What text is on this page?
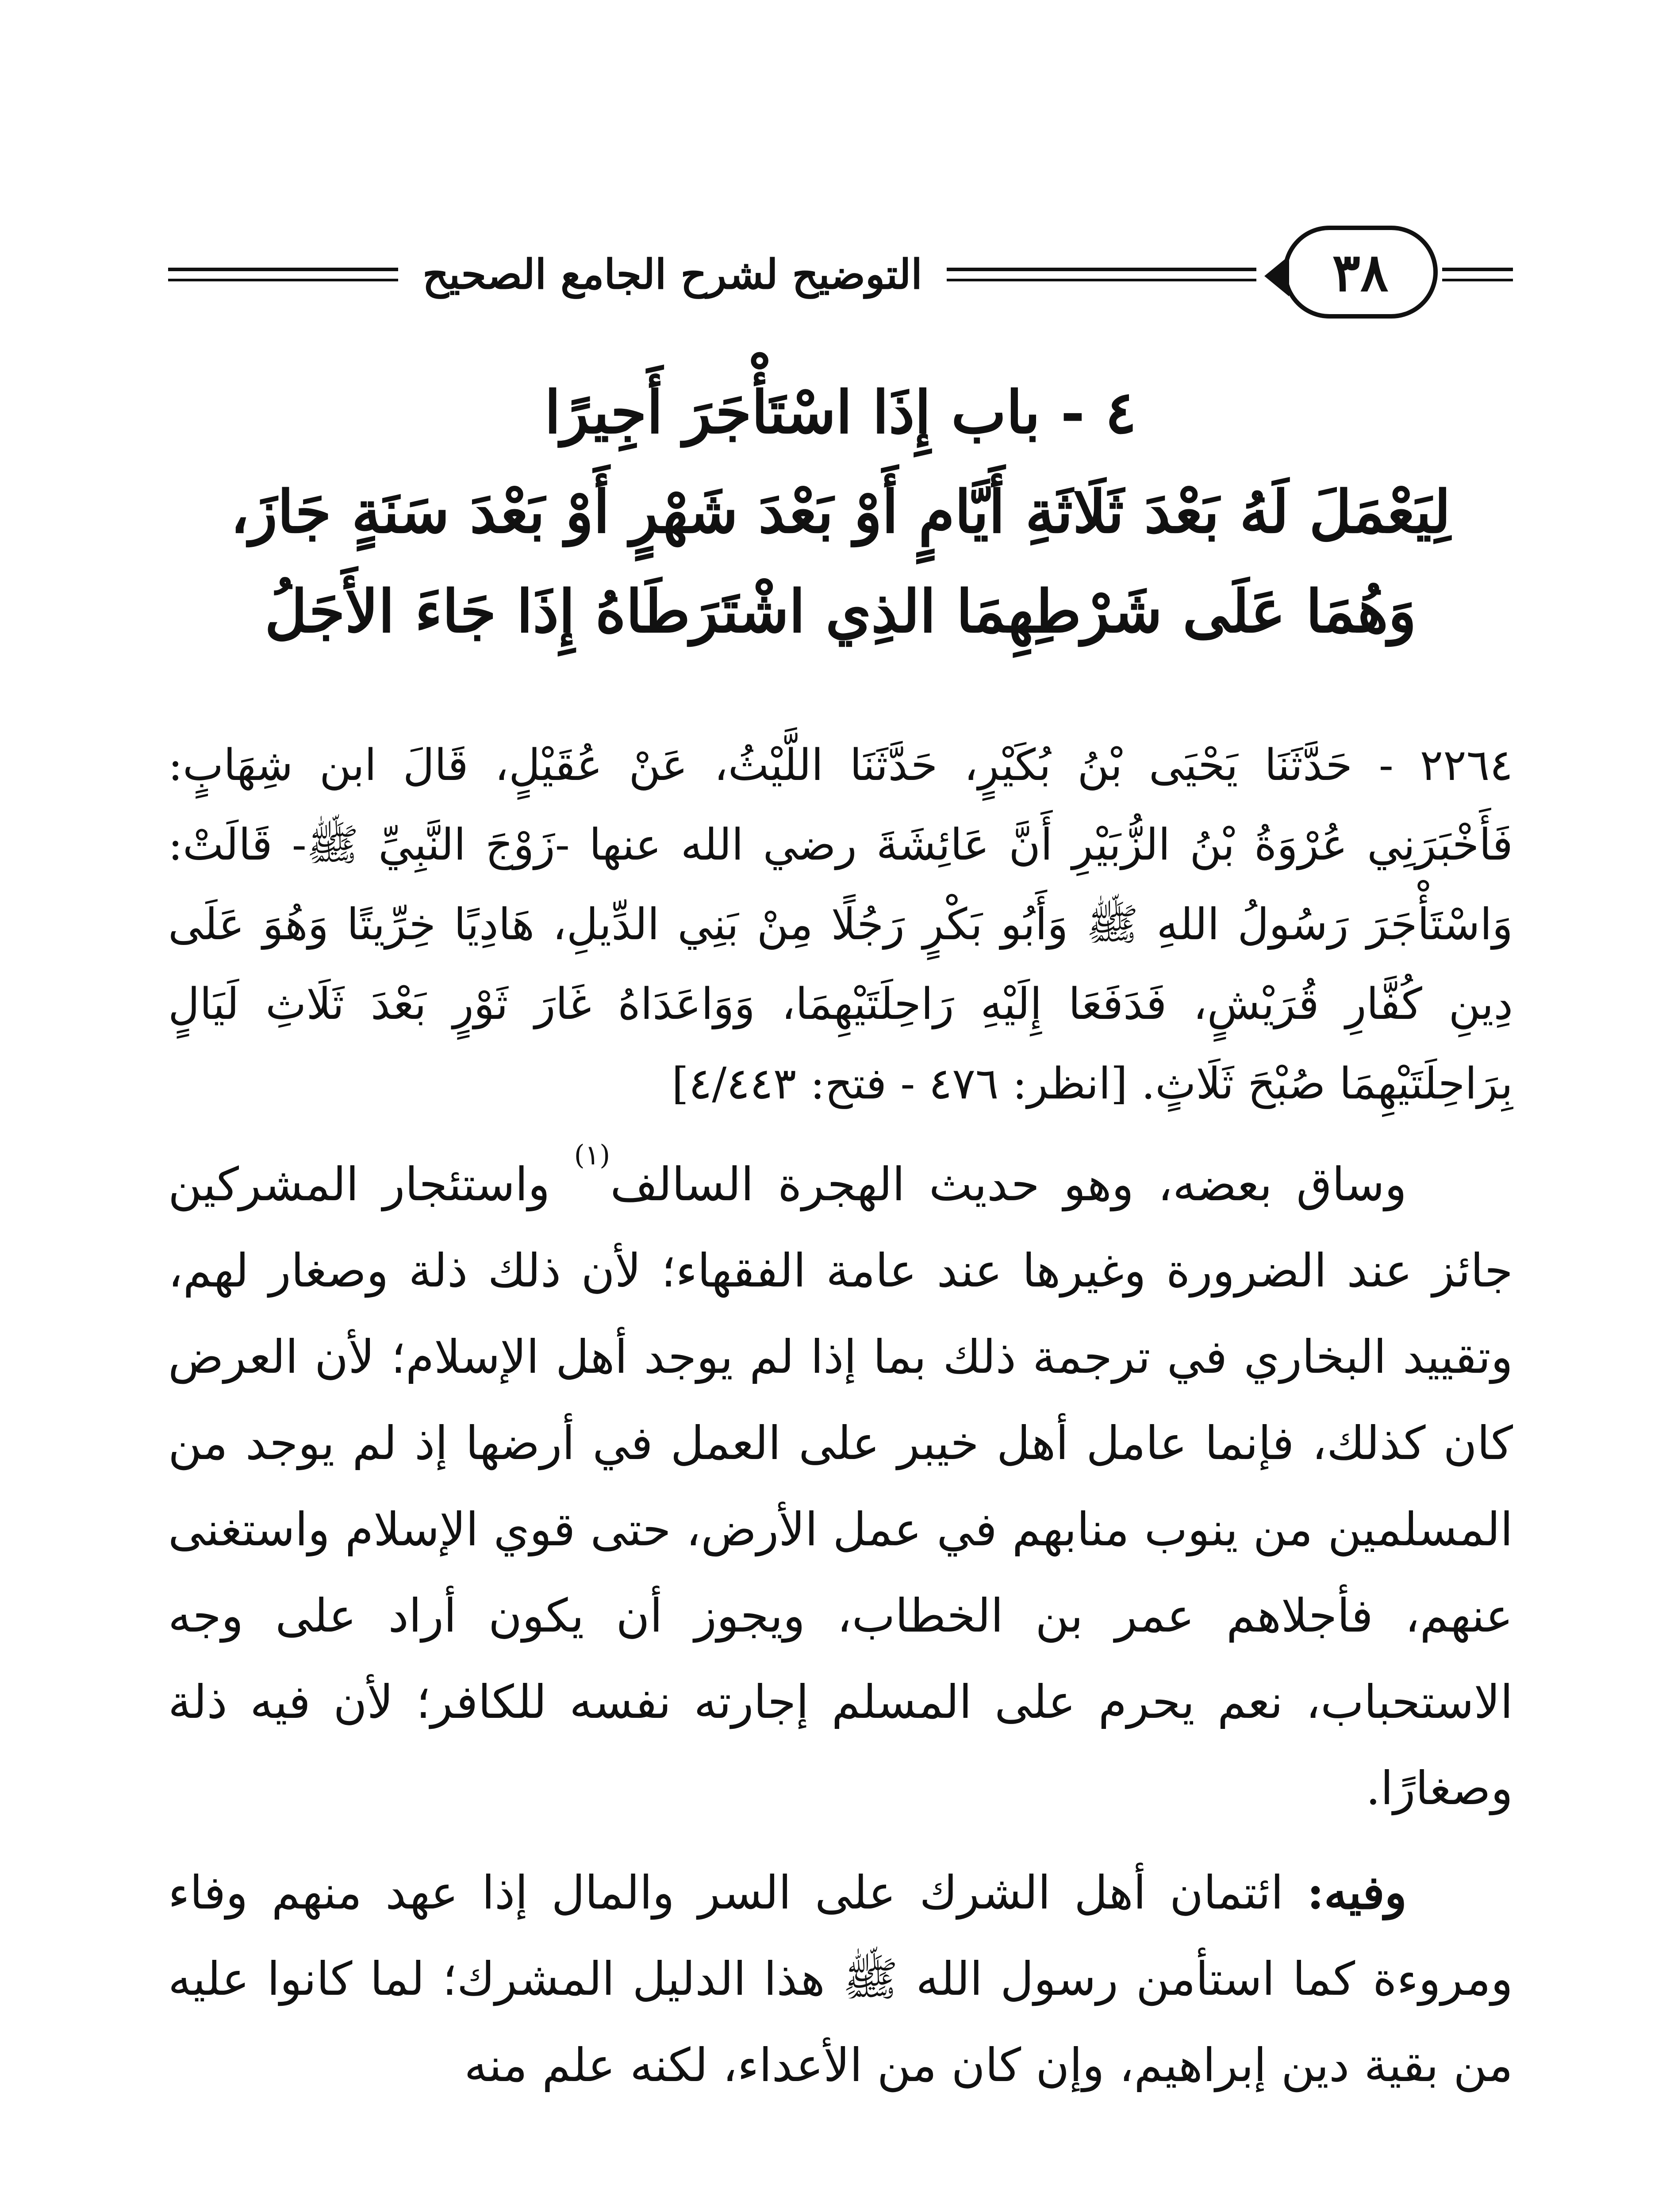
٣٨
التوضيح لشرح الجامع الصحيح
٤ - باب إِذَا اسْتَأْجَرَ أَجِيرًا
لِيَعْمَلَ لَهُ بَعْدَ ثَلَاثَةِ أَيَّامٍ أَوْ بَعْدَ شَهْرٍ أَوْ بَعْدَ سَنَةٍ جَازَ،
وَهُمَا عَلَى شَرْطِهِمَا الذِي اشْتَرَطَاهُ إِذَا جَاءَ الأَجَلُ
٢٢٦٤ - حَدَّثَنَا يَحْيَى بْنُ بُكَيْرٍ، حَدَّثَنَا اللَّيْثُ، عَنْ عُقَيْلٍ، قَالَ ابن شِهَابٍ: فَأَخْبَرَنِي عُرْوَةُ بْنُ الزُّبَيْرِ أَنَّ عَائِشَةَ رضي الله عنها -زَوْجَ النَّبِيِّ ﷺ- قَالَتْ: وَاسْتَأْجَرَ رَسُولُ اللهِ ﷺ وَأَبُو بَكْرٍ رَجُلًا مِنْ بَنِي الدِّيلِ، هَادِيًا خِرِّيتًا وَهُوَ عَلَى دِينِ كُفَّارِ قُرَيْشٍ، فَدَفَعَا إِلَيْهِ رَاحِلَتَيْهِمَا، وَوَاعَدَاهُ غَارَ ثَوْرٍ بَعْدَ ثَلَاثِ لَيَالٍ بِرَاحِلَتَيْهِمَا صُبْحَ ثَلَاثٍ. [انظر: ٤٧٦ - فتح: ٤/٤٤٣]

وساق بعضه، وهو حديث الهجرة السالف$^{(١)}$ واستئجار المشركين جائز عند الضرورة وغيرها عند عامة الفقهاء؛ لأن ذلك ذلة وصغار لهم، وتقييد البخاري في ترجمة ذلك بما إذا لم يوجد أهل الإسلام؛ لأن العرض كان كذلك، فإنما عامل أهل خيبر على العمل في أرضها إذ لم يوجد من المسلمين من ينوب منابهم في عمل الأرض، حتى قوي الإسلام واستغنى عنهم، فأجلاهم عمر بن الخطاب، ويجوز أن يكون أراد على وجه الاستحباب، نعم يحرم على المسلم إجارته نفسه للكافر؛ لأن فيه ذلة وصغارًا.

وفيه: ائتمان أهل الشرك على السر والمال إذا عهد منهم وفاء ومروءة كما استأمن رسول الله ﷺ هذا الدليل المشرك؛ لما كانوا عليه من بقية دين إبراهيم، وإن كان من الأعداء، لكنه علم منه
